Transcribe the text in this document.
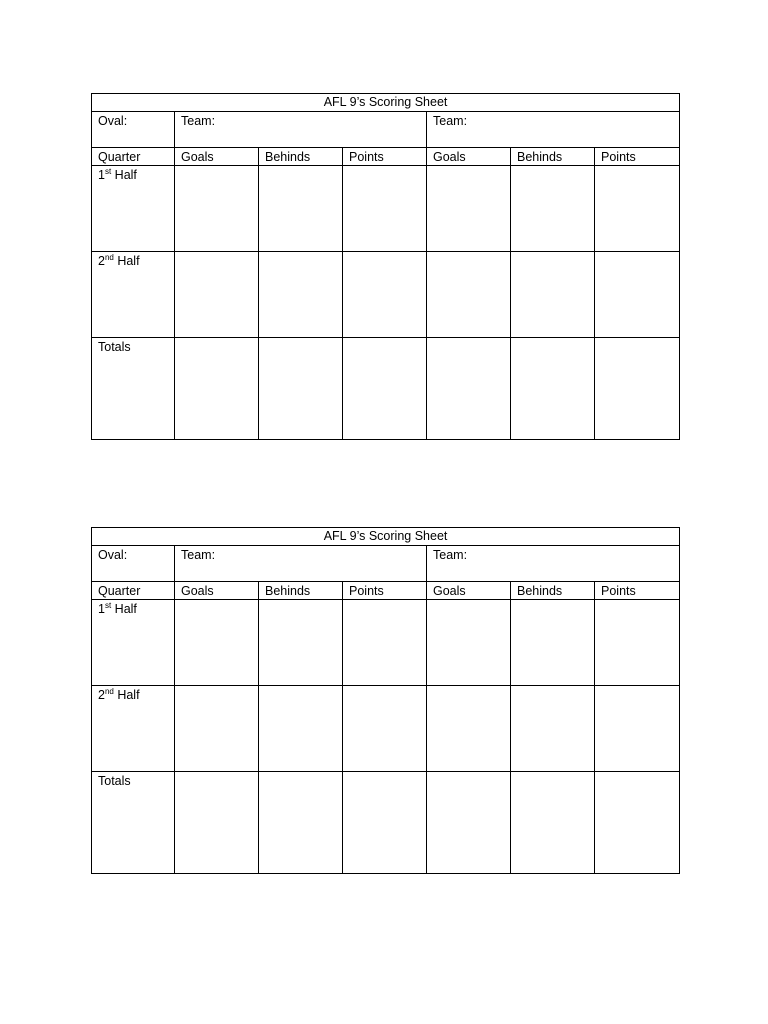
AFL 9’s Scoring Sheet						
Oval:	Team:			Team:		
Quarter	Goals	Behinds	Points	Goals	Behinds	Points
1st Half						
2nd Half						
Totals						
AFL 9’s Scoring Sheet						
Oval:	Team:			Team:		
Quarter	Goals	Behinds	Points	Goals	Behinds	Points
1st Half						
2nd Half						
Totals						
